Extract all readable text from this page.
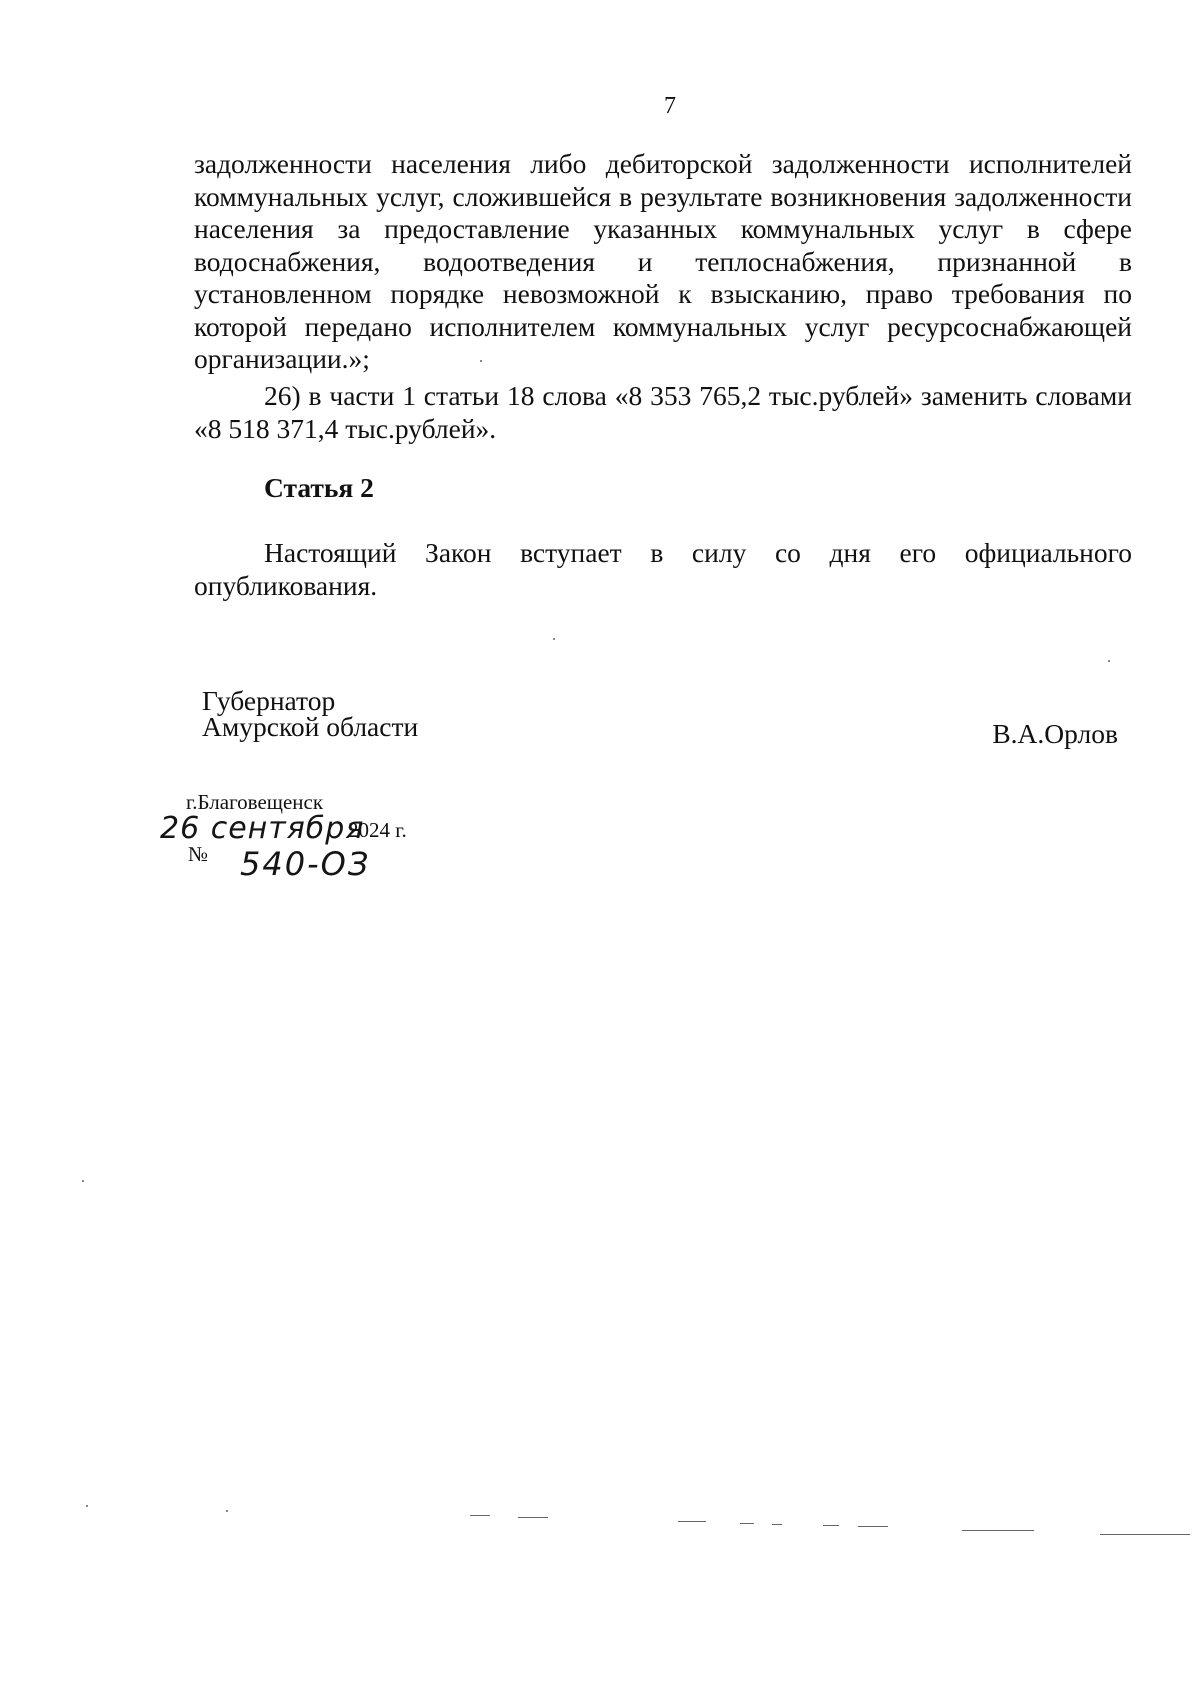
7

задолженности населения либо дебиторской задолженности исполнителей коммунальных услуг, сложившейся в результате возникновения задолженности населения за предоставление указанных коммунальных услуг в сфере водоснабжения, водоотведения и теплоснабжения, признанной в установленном порядке невозможной к взысканию, право требования по которой передано исполнителем коммунальных услуг ресурсоснабжающей организации.»;

26) в части 1 статьи 18 слова «8 353 765,2 тыс.рублей» заменить словами «8 518 371,4 тыс.рублей».

Статья 2

Настоящий Закон вступает в силу со дня его официального опубликования.

Губернатор
Амурской области	В.А.Орлов
г.Благовещенск
26 сентября
2024 г.
№ 540-ОЗ
